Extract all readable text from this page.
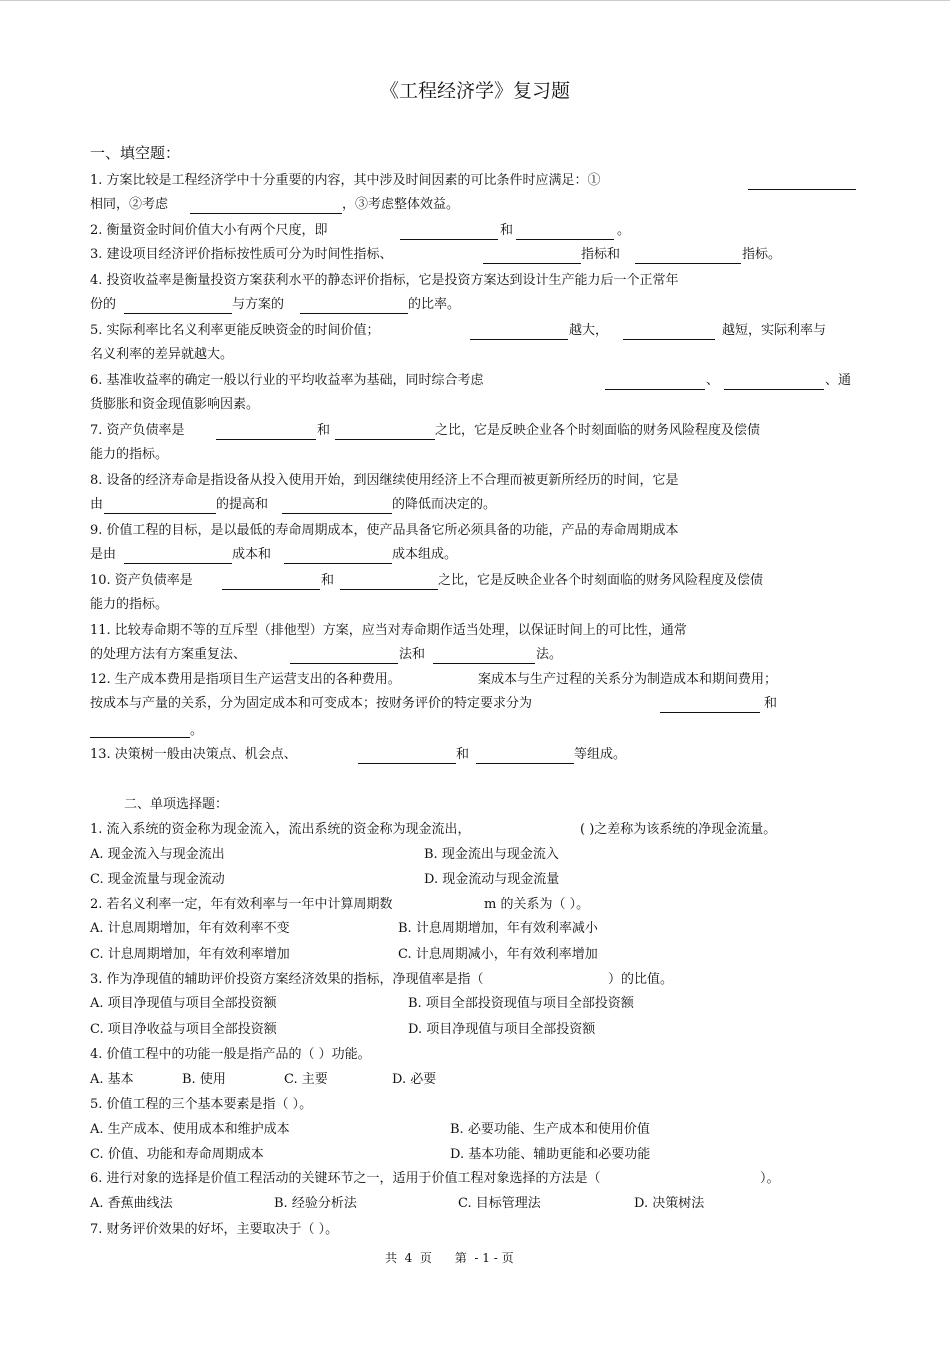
《工程经济学》复习题
一、填空题：
1. 方案比较是工程经济学中十分重要的内容，其中涉及时间因素的可比条件时应满足：①
相同，②考虑	，③考虑整体效益。
2. 衡量资金时间价值大小有两个尺度，即	和	。
3. 建设项目经济评价指标按性质可分为时间性指标、	指标和	指标。
4. 投资收益率是衡量投资方案获利水平的静态评价指标，它是投资方案达到设计生产能力后一个正常年
份的	与方案的	的比率。
5. 实际利率比名义利率更能反映资金的时间价值；	越大，	越短，实际利率与
名义利率的差异就越大。
6. 基准收益率的确定一般以行业的平均收益率为基础，同时综合考虑	、	、通
货膨胀和资金现值影响因素。
7. 资产负债率是	和	之比，它是反映企业各个时刻面临的财务风险程度及偿债
能力的指标。
8. 设备的经济寿命是指设备从投入使用开始，到因继续使用经济上不合理而被更新所经历的时间，它是
由	的提高和	的降低而决定的。
9. 价值工程的目标，是以最低的寿命周期成本，使产品具备它所必须具备的功能，产品的寿命周期成本
是由	成本和	成本组成。
10. 资产负债率是	和	之比，它是反映企业各个时刻面临的财务风险程度及偿债
能力的指标。
11. 比较寿命期不等的互斥型（排他型）方案，应当对寿命期作适当处理，以保证时间上的可比性，通常
的处理方法有方案重复法、	法和	法。
12. 生产成本费用是指项目生产运营支出的各种费用。	案成本与生产过程的关系分为制造成本和期间费用；
按成本与产量的关系，分为固定成本和可变成本；按财务评价的特定要求分为	和
。
13. 决策树一般由决策点、机会点、	和	等组成。
二、单项选择题：
1. 流入系统的资金称为现金流入，流出系统的资金称为现金流出，	( )之差称为该系统的净现金流量。
A. 现金流入与现金流出	B. 现金流出与现金流入
C. 现金流量与现金流动	D. 现金流动与现金流量
2. 若名义利率一定，年有效利率与一年中计算周期数	m 的关系为（ ）。
A. 计息周期增加，年有效利率不变	B. 计息周期增加，年有效利率减小
C. 计息周期增加，年有效利率增加	C. 计息周期减小，年有效利率增加
3. 作为净现值的辅助评价投资方案经济效果的指标，净现值率是指（	）的比值。
A. 项目净现值与项目全部投资额	B. 项目全部投资现值与项目全部投资额
C. 项目净收益与项目全部投资额	D. 项目净现值与项目全部投资额
4. 价值工程中的功能一般是指产品的（ ）功能。
A. 基本	B. 使用	C. 主要	D. 必要
5. 价值工程的三个基本要素是指（ ）。
A. 生产成本、使用成本和维护成本	B. 必要功能、生产成本和使用价值
C. 价值、功能和寿命周期成本	D. 基本功能、辅助更能和必要功能
6. 进行对象的选择是价值工程活动的关键环节之一，适用于价值工程对象选择的方法是（	）。
A. 香蕉曲线法	B. 经验分析法	C. 目标管理法	D. 决策树法
7. 财务评价效果的好坏，主要取决于（ ）。
共  4  页      第  - 1 - 页
